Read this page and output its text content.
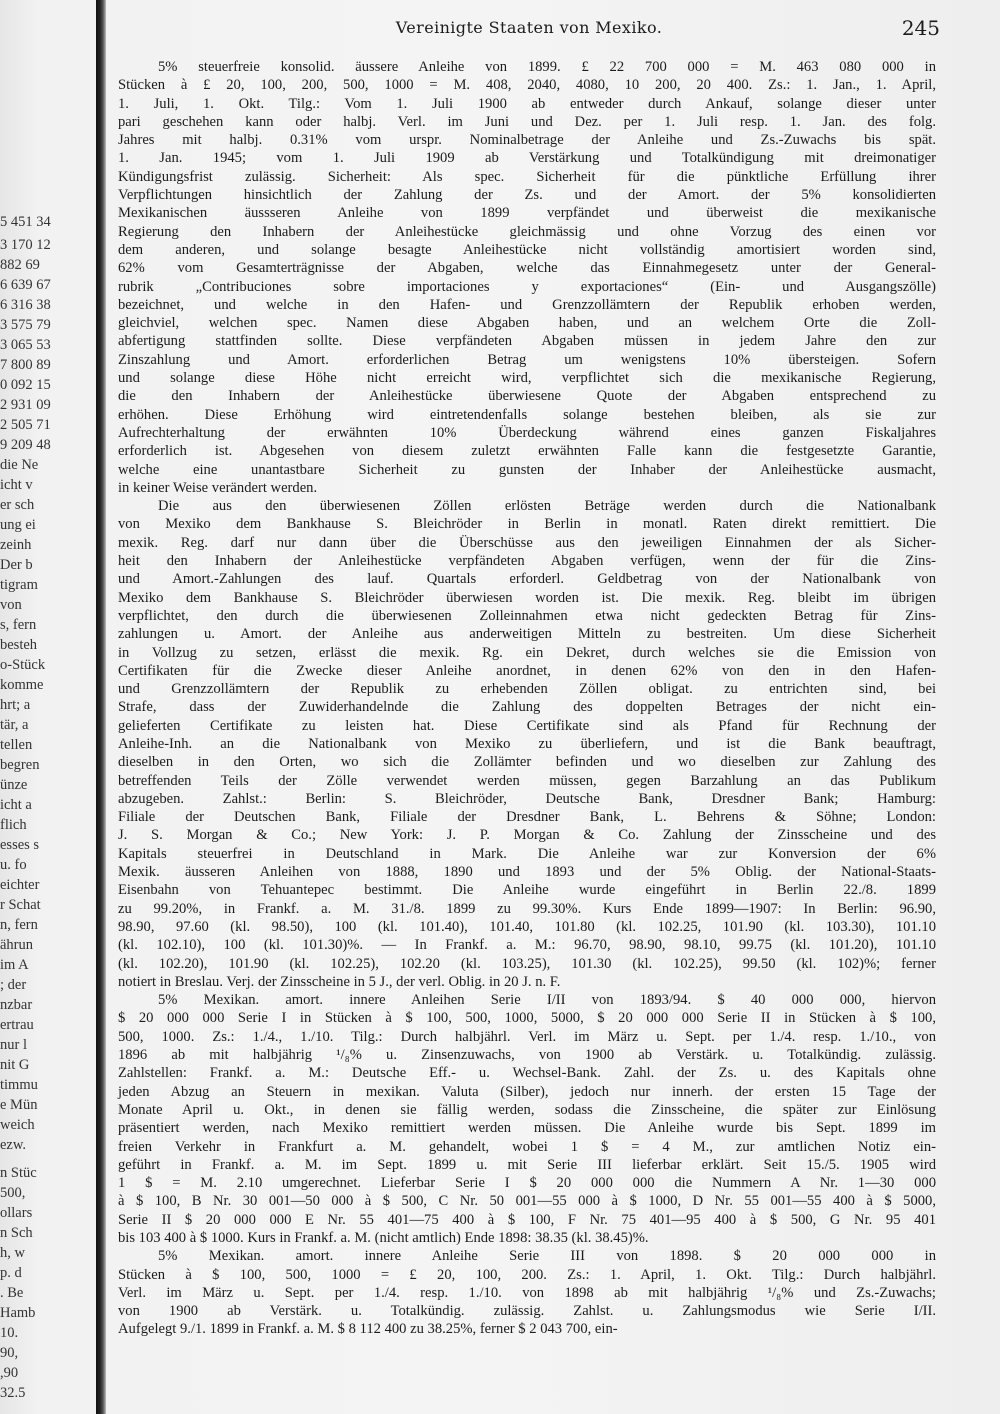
5 451 34
3 170 12
882 69
6 639 67
6 316 38
3 575 79
3 065 53
7 800 89
0 092 15
2 931 09
2 505 71
9 209 48
die Ne
icht v
er sch
ung ei
zeinh
Der b
tigram
von
s, fern
besteh
o-Stück
komme
hrt; a
tär, a
tellen
begren
ünze
icht a
flich
esses s
u. fo
eichter
r Schat
n, fern
ährun
im A
; der
nzbar
ertrau
nur l
nit G
timmu
e Mün
weich
ezw.
n Stüc
500,
ollars
n Sch
h, w
p. d
. Be
Hamb
10.
90,
,90
32.5
Vereinigte Staaten von Mexiko.	245
5% steuerfreie konsolid. äussere Anleihe von 1899. £ 22 700 000 = M. 463 080 000 in
Stücken à £ 20, 100, 200, 500, 1000 = M. 408, 2040, 4080, 10 200, 20 400. Zs.: 1. Jan., 1. April,
1. Juli, 1. Okt. Tilg.: Vom 1. Juli 1900 ab entweder durch Ankauf, solange dieser unter
pari geschehen kann oder halbj. Verl. im Juni und Dez. per 1. Juli resp. 1. Jan. des folg.
Jahres mit halbj. 0.31% vom urspr. Nominalbetrage der Anleihe und Zs.-Zuwachs bis spät.
1. Jan. 1945; vom 1. Juli 1909 ab Verstärkung und Totalkündigung mit dreimonatiger
Kündigungsfrist zulässig. Sicherheit: Als spec. Sicherheit für die pünktliche Erfüllung ihrer
Verpflichtungen hinsichtlich der Zahlung der Zs. und der Amort. der 5% konsolidierten
Mexikanischen äussseren Anleihe von 1899 verpfändet und überweist die mexikanische
Regierung den Inhabern der Anleihestücke gleichmässig und ohne Vorzug des einen vor
dem anderen, und solange besagte Anleihestücke nicht vollständig amortisiert worden sind,
62% vom Gesamterträgnisse der Abgaben, welche das Einnahmegesetz unter der General-
rubrik „Contribuciones sobre importaciones y exportaciones“ (Ein- und Ausgangszölle)
bezeichnet, und welche in den Hafen- und Grenzzollämtern der Republik erhoben werden,
gleichviel, welchen spec. Namen diese Abgaben haben, und an welchem Orte die Zoll-
abfertigung stattfinden sollte. Diese verpfändeten Abgaben müssen in jedem Jahre den zur
Zinszahlung und Amort. erforderlichen Betrag um wenigstens 10% übersteigen. Sofern
und solange diese Höhe nicht erreicht wird, verpflichtet sich die mexikanische Regierung,
die den Inhabern der Anleihestücke überwiesene Quote der Abgaben entsprechend zu
erhöhen. Diese Erhöhung wird eintretendenfalls solange bestehen bleiben, als sie zur
Aufrechterhaltung der erwähnten 10% Überdeckung während eines ganzen Fiskaljahres
erforderlich ist. Abgesehen von diesem zuletzt erwähnten Falle kann die festgesetzte Garantie,
welche eine unantastbare Sicherheit zu gunsten der Inhaber der Anleihestücke ausmacht,
in keiner Weise verändert werden.
Die aus den überwiesenen Zöllen erlösten Beträge werden durch die Nationalbank
von Mexiko dem Bankhause S. Bleichröder in Berlin in monatl. Raten direkt remittiert. Die
mexik. Reg. darf nur dann über die Überschüsse aus den jeweiligen Einnahmen der als Sicher-
heit den Inhabern der Anleihestücke verpfändeten Abgaben verfügen, wenn der für die Zins-
und Amort.-Zahlungen des lauf. Quartals erforderl. Geldbetrag von der Nationalbank von
Mexiko dem Bankhause S. Bleichröder überwiesen worden ist. Die mexik. Reg. bleibt im übrigen
verpflichtet, den durch die überwiesenen Zolleinnahmen etwa nicht gedeckten Betrag für Zins-
zahlungen u. Amort. der Anleihe aus anderweitigen Mitteln zu bestreiten. Um diese Sicherheit
in Vollzug zu setzen, erlässt die mexik. Rg. ein Dekret, durch welches sie die Emission von
Certifikaten für die Zwecke dieser Anleihe anordnet, in denen 62% von den in den Hafen-
und Grenzzollämtern der Republik zu erhebenden Zöllen obligat. zu entrichten sind, bei
Strafe, dass der Zuwiderhandelnde die Zahlung des doppelten Betrages der nicht ein-
gelieferten Certifikate zu leisten hat. Diese Certifikate sind als Pfand für Rechnung der
Anleihe-Inh. an die Nationalbank von Mexiko zu überliefern, und ist die Bank beauftragt,
dieselben in den Orten, wo sich die Zollämter befinden und wo dieselben zur Zahlung des
betreffenden Teils der Zölle verwendet werden müssen, gegen Barzahlung an das Publikum
abzugeben. Zahlst.: Berlin: S. Bleichröder, Deutsche Bank, Dresdner Bank; Hamburg:
Filiale der Deutschen Bank, Filiale der Dresdner Bank, L. Behrens & Söhne; London:
J. S. Morgan & Co.; New York: J. P. Morgan & Co. Zahlung der Zinsscheine und des
Kapitals steuerfrei in Deutschland in Mark. Die Anleihe war zur Konversion der 6%
Mexik. äusseren Anleihen von 1888, 1890 und 1893 und der 5% Oblig. der National-Staats-
Eisenbahn von Tehuantepec bestimmt. Die Anleihe wurde eingeführt in Berlin 22./8. 1899
zu 99.20%, in Frankf. a. M. 31./8. 1899 zu 99.30%. Kurs Ende 1899—1907: In Berlin: 96.90,
98.90, 97.60 (kl. 98.50), 100 (kl. 101.40), 101.40, 101.80 (kl. 102.25, 101.90 (kl. 103.30), 101.10
(kl. 102.10), 100 (kl. 101.30)%. — In Frankf. a. M.: 96.70, 98.90, 98.10, 99.75 (kl. 101.20), 101.10
(kl. 102.20), 101.90 (kl. 102.25), 102.20 (kl. 103.25), 101.30 (kl. 102.25), 99.50 (kl. 102)%; ferner
notiert in Breslau. Verj. der Zinsscheine in 5 J., der verl. Oblig. in 20 J. n. F.
5% Mexikan. amort. innere Anleihen Serie I/II von 1893/94. $ 40 000 000, hiervon
$ 20 000 000 Serie I in Stücken à $ 100, 500, 1000, 5000, $ 20 000 000 Serie II in Stücken à $ 100,
500, 1000. Zs.: 1./4., 1./10. Tilg.: Durch halbjährl. Verl. im März u. Sept. per 1./4. resp. 1./10., von
1896 ab mit halbjährig ¹/₈% u. Zinsenzuwachs, von 1900 ab Verstärk. u. Totalkündig. zulässig.
Zahlstellen: Frankf. a. M.: Deutsche Eff.- u. Wechsel-Bank. Zahl. der Zs. u. des Kapitals ohne
jeden Abzug an Steuern in mexikan. Valuta (Silber), jedoch nur innerh. der ersten 15 Tage der
Monate April u. Okt., in denen sie fällig werden, sodass die Zinsscheine, die später zur Einlösung
präsentiert werden, nach Mexiko remittiert werden müssen. Die Anleihe wurde bis Sept. 1899 im
freien Verkehr in Frankfurt a. M. gehandelt, wobei 1 $ = 4 M., zur amtlichen Notiz ein-
geführt in Frankf. a. M. im Sept. 1899 u. mit Serie III lieferbar erklärt. Seit 15./5. 1905 wird
1 $ = M. 2.10 umgerechnet. Lieferbar Serie I $ 20 000 000 die Nummern A Nr. 1—30 000
à $ 100, B Nr. 30 001—50 000 à $ 500, C Nr. 50 001—55 000 à $ 1000, D Nr. 55 001—55 400 à $ 5000,
Serie II $ 20 000 000 E Nr. 55 401—75 400 à $ 100, F Nr. 75 401—95 400 à $ 500, G Nr. 95 401
bis 103 400 à $ 1000. Kurs in Frankf. a. M. (nicht amtlich) Ende 1898: 38.35 (kl. 38.45)%.
5% Mexikan. amort. innere Anleihe Serie III von 1898. $ 20 000 000 in
Stücken à $ 100, 500, 1000 = £ 20, 100, 200. Zs.: 1. April, 1. Okt. Tilg.: Durch halbjährl.
Verl. im März u. Sept. per 1./4. resp. 1./10. von 1898 ab mit halbjährig ¹/₈% und Zs.-Zuwachs;
von 1900 ab Verstärk. u. Totalkündig. zulässig. Zahlst. u. Zahlungsmodus wie Serie I/II.
Aufgelegt 9./1. 1899 in Frankf. a. M. $ 8 112 400 zu 38.25%, ferner $ 2 043 700, ein-
